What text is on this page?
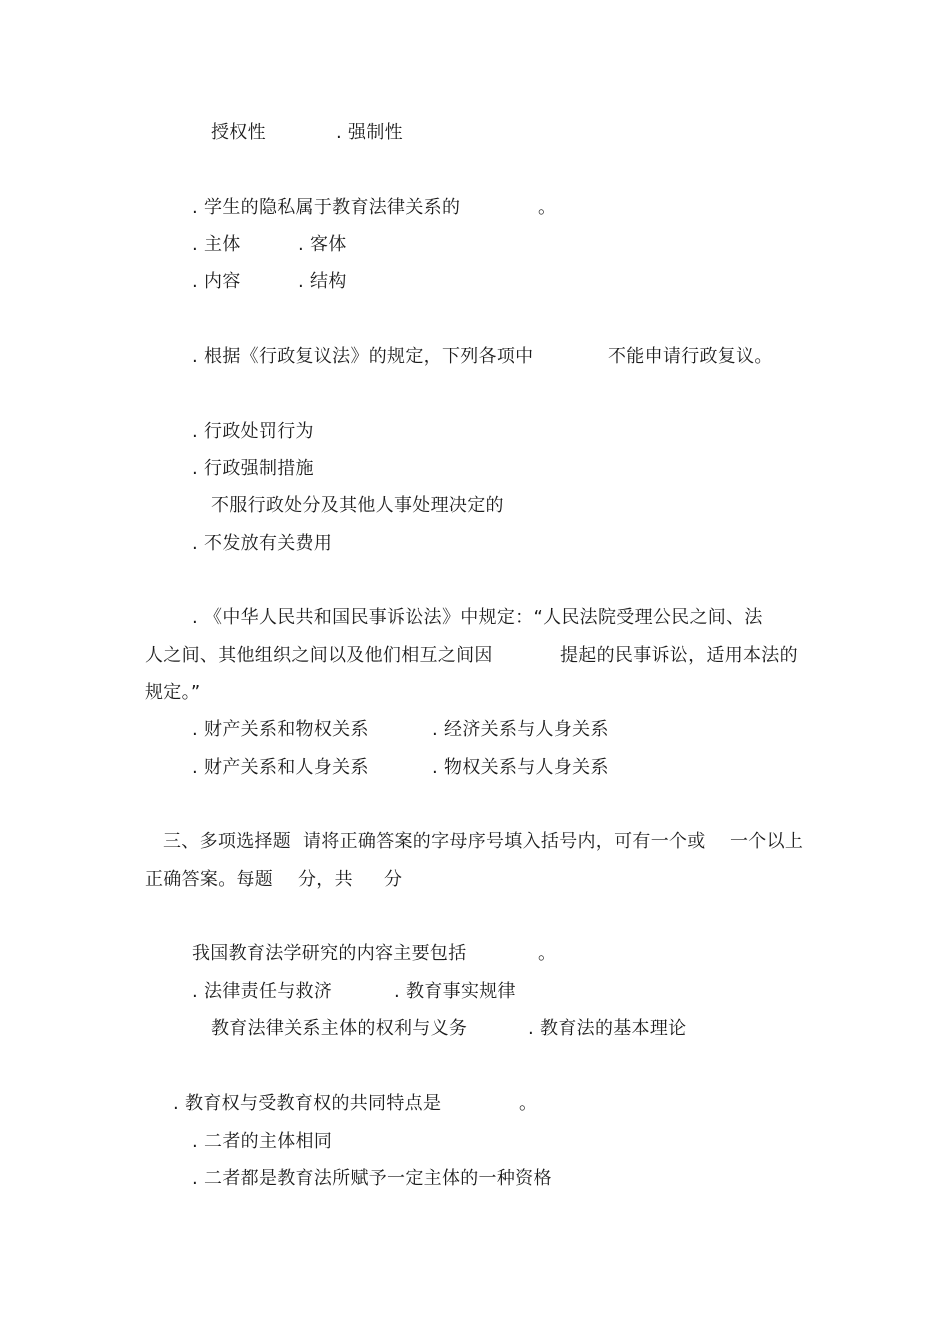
授权性	. 强制性
. 学生的隐私属于教育法律关系的	。
. 主体	. 客体
. 内容	. 结构
. 根据《行政复议法》的规定，下列各项中	不能申请行政复议。
. 行政处罚行为
. 行政强制措施
不服行政处分及其他人事处理决定的
. 不发放有关费用
. 《中华人民共和国民事诉讼法》中规定：“人民法院受理公民之间、法
人之间、其他组织之间以及他们相互之间因	提起的民事诉讼，适用本法的
规定。”
. 财产关系和物权关系	. 经济关系与人身关系
. 财产关系和人身关系	. 物权关系与人身关系
三、多项选择题 请将正确答案的字母序号填入括号内，可有一个或 一个以上
正确答案。每题 分，共 分
我国教育法学研究的内容主要包括	。
. 法律责任与救济	. 教育事实规律
教育法律关系主体的权利与义务	. 教育法的基本理论
. 教育权与受教育权的共同特点是	。
. 二者的主体相同
. 二者都是教育法所赋予一定主体的一种资格
